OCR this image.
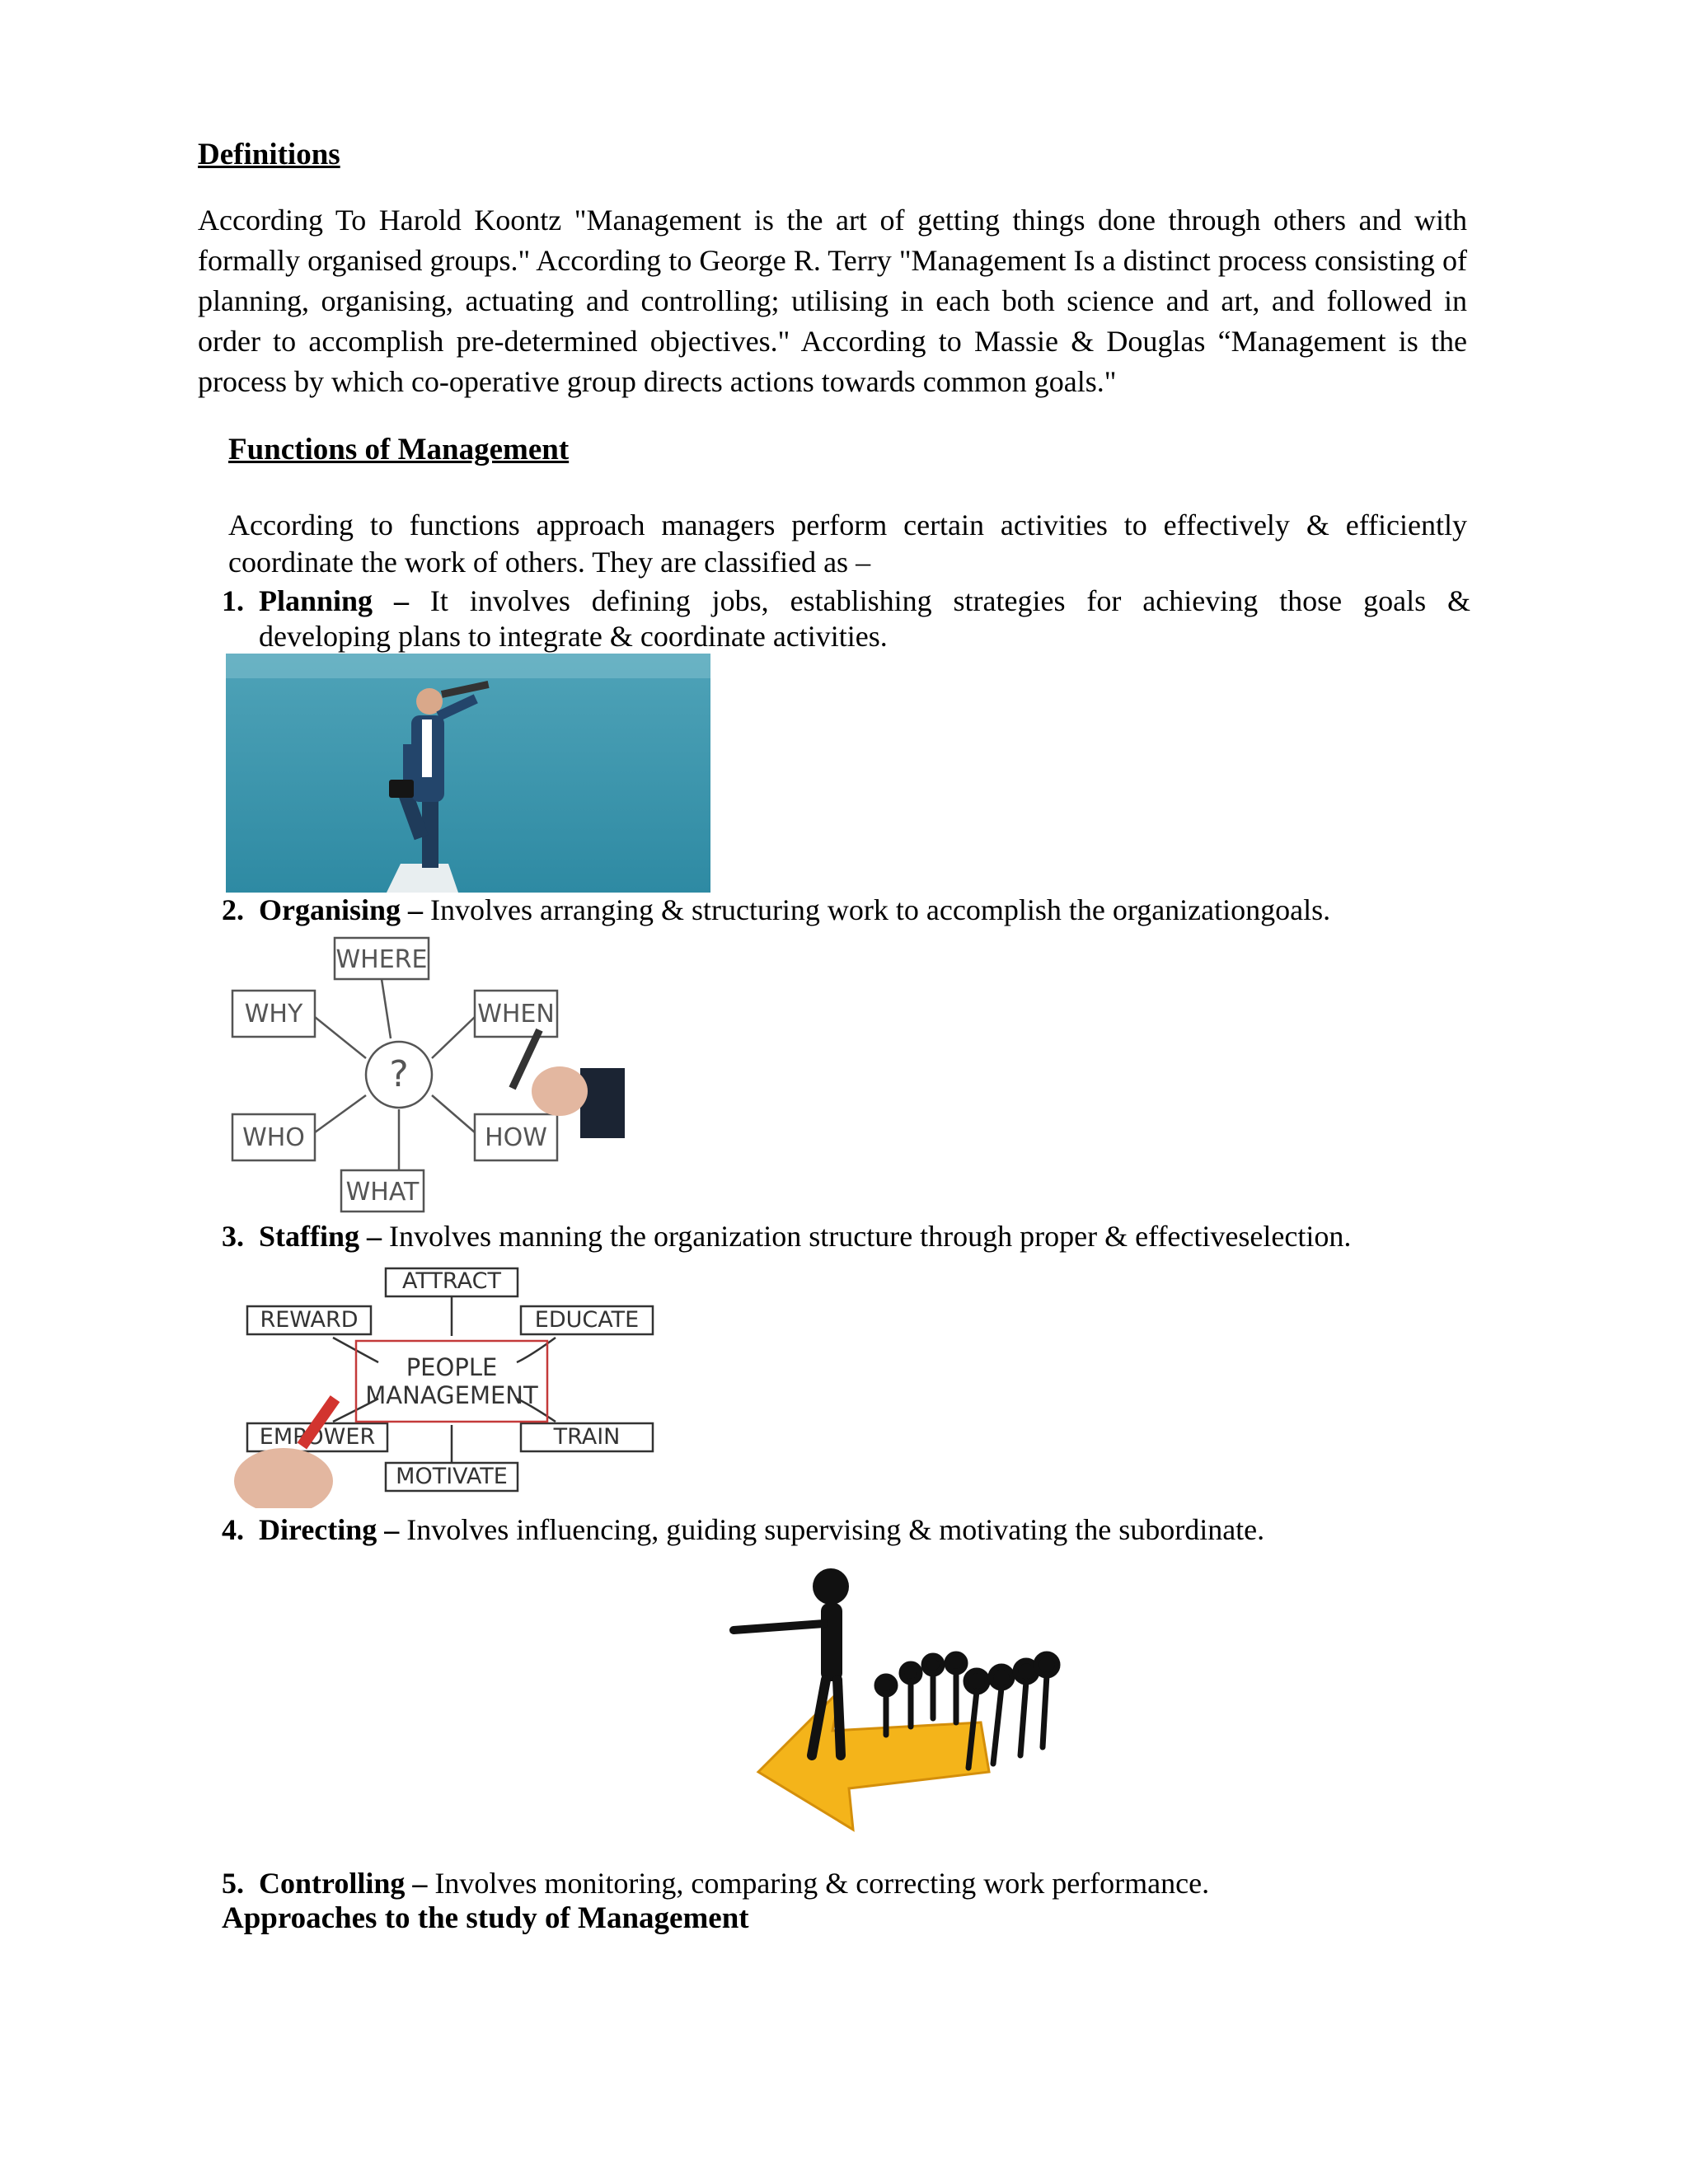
Definitions

According To Harold Koontz "Management is the art of getting things done through others and with formally organised groups." According to George R. Terry "Management Is a distinct process consisting of planning, organising, actuating and controlling; utilising in each both science and art, and followed in order to accomplish pre-determined objectives." According to Massie & Douglas “Management is the process by which co-operative group directs actions towards common goals."

Functions of Management

According to functions approach managers perform certain activities to effectively & efficiently coordinate the work of others. They are classified as –

1. Planning – It involves defining jobs, establishing strategies for achieving those goals &
developing plans to integrate & coordinate activities.
2. Organising – Involves arranging & structuring work to accomplish the organizationgoals.
WHERE
WHY	WHEN
WHO	HOW
WHAT
?
3. Staffing – Involves manning the organization structure through proper & effectiveselection.
ATTRACT
REWARD	EDUCATE
EMPOWER	TRAIN
MOTIVATE
PEOPLE
MANAGEMENT
4. Directing – Involves influencing, guiding supervising & motivating the subordinate.
5. Controlling – Involves monitoring, comparing & correcting work performance.
Approaches to the study of Management
